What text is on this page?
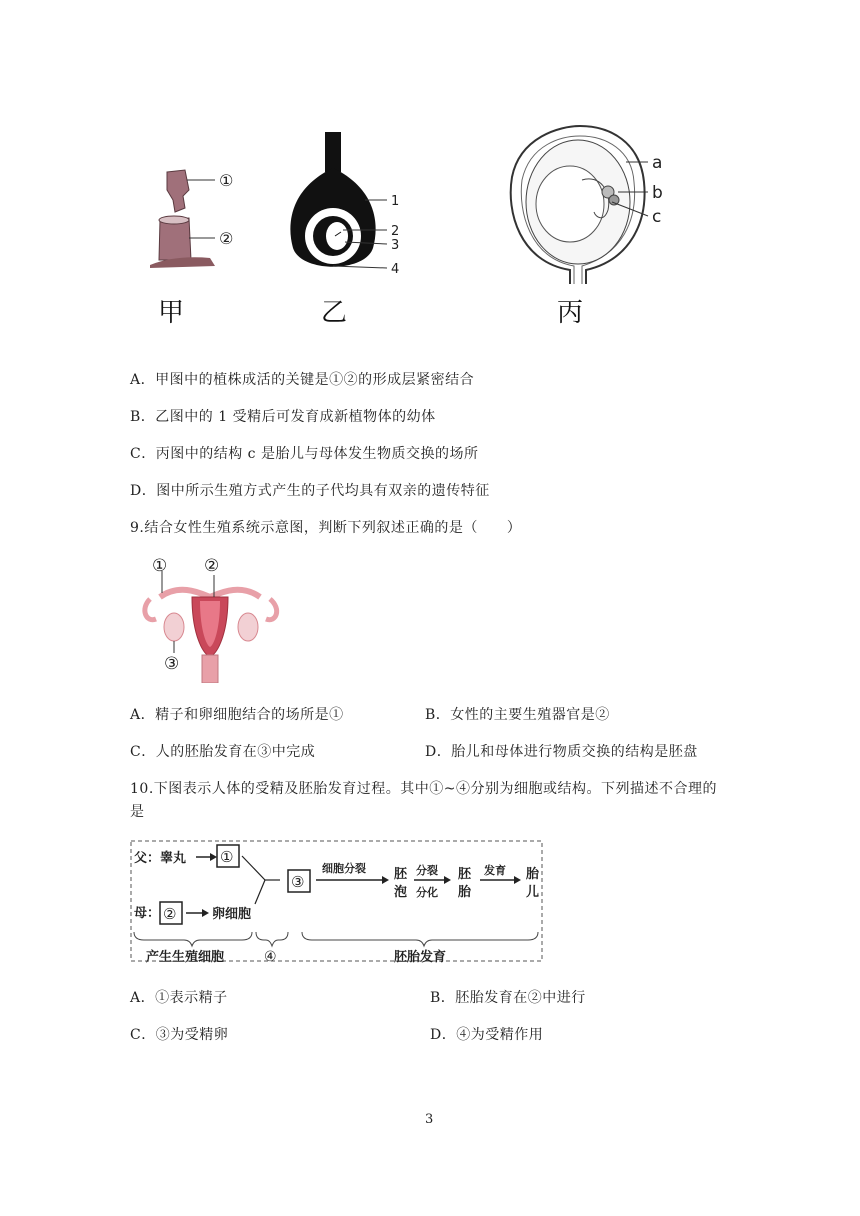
①
②
甲
1
2
3
4
乙
a
b
c
丙
A．甲图中的植株成活的关键是①②的形成层紧密结合
B．乙图中的 1 受精后可发育成新植物体的幼体
C．丙图中的结构 c 是胎儿与母体发生物质交换的场所
D．图中所示生殖方式产生的子代均具有双亲的遗传特征
9.结合女性生殖系统示意图，判断下列叙述正确的是（　　）
① ②
③
A．精子和卵细胞结合的场所是①	B．女性的主要生殖器官是②
C．人的胚胎发育在③中完成	D．胎儿和母体进行物质交换的结构是胚盘
10.下图表示人体的受精及胚胎发育过程。其中①~④分别为细胞或结构。下列描述不合理的
是
父：睾丸 ①
母： ②	卵细胞
③
细胞分裂 胚
泡
分裂
分化
胚
胎
发育 胎
儿
产生生殖细胞	④	胚胎发育
A．①表示精子	B．胚胎发育在②中进行
C．③为受精卵	D．④为受精作用
3
